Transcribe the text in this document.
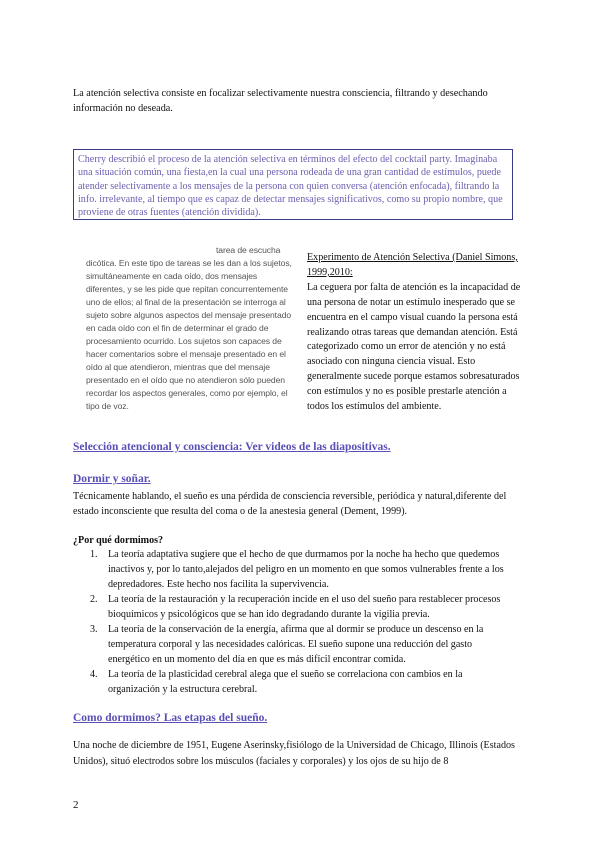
La atención selectiva consiste en focalizar selectivamente nuestra consciencia, filtrando y desechando información no deseada.

Cherry describió el proceso de la atención selectiva en términos del efecto del cocktail party. Imaginaba una situación común, una fiesta,en la cual una persona rodeada de una gran cantidad de estímulos, puede atender selectivamente a los mensajes de la persona con quien conversa (atención enfocada), filtrando la info. irrelevante, al tiempo que es capaz de detectar mensajes significativos, como su propio nombre, que proviene de otras fuentes (atención dividida).
tarea de escucha
dicótica. En este tipo de tareas se les dan a los sujetos, simultáneamente en cada oído, dos mensajes diferentes, y se les pide que repitan concurrentemente uno de ellos; al final de la presentación se interroga al sujeto sobre algunos aspectos del mensaje presentado en cada oído con el fin de determinar el grado de procesamiento ocurrido. Los sujetos son capaces de hacer comentarios sobre el mensaje presentado en el oído al que atendieron, mientras que del mensaje presentado en el oído que no atendieron sólo pueden recordar los aspectos generales, como por ejemplo, el tipo de voz.
Experimento de Atención Selectiva (Daniel Simons, 1999,2010:
La ceguera por falta de atención es la incapacidad de una persona de notar un estímulo inesperado que se encuentra en el campo visual cuando la persona está realizando otras tareas que demandan atención. Está categorizado como un error de atención y no está asociado con ninguna ciencia visual. Esto generalmente sucede porque estamos sobresaturados con estímulos y no es posible prestarle atención a todos los estímulos del ambiente.
Selección atencional y consciencia: Ver videos de las diapositivas.
Dormir y soñar.

Técnicamente hablando, el sueño es una pérdida de consciencia reversible, periódica y natural,diferente del estado inconsciente que resulta del coma o de la anestesia general (Dement, 1999).

¿Por qué dormimos?
1. La teoría adaptativa sugiere que el hecho de que durmamos por la noche ha hecho que quedemos inactivos y, por lo tanto,alejados del peligro en un momento en que somos vulnerables frente a los depredadores. Este hecho nos facilita la supervivencia.
2. La teoría de la restauración y la recuperación incide en el uso del sueño para restablecer procesos bioquímicos y psicológicos que se han ido degradando durante la vigilia previa.
3. La teoría de la conservación de la energía, afirma que al dormir se produce un descenso en la temperatura corporal y las necesidades calóricas. El sueño supone una reducción del gasto energético en un momento del día en que es más difícil encontrar comida.
4. La teoría de la plasticidad cerebral alega que el sueño se correlaciona con cambios en la organización y la estructura cerebral.
Como dormimos? Las etapas del sueño.

Una noche de diciembre de 1951, Eugene Aserinsky,fisiólogo de la Universidad de Chicago, Illinois (Estados Unidos), situó electrodos sobre los músculos (faciales y corporales) y los ojos de su hijo de 8

2
